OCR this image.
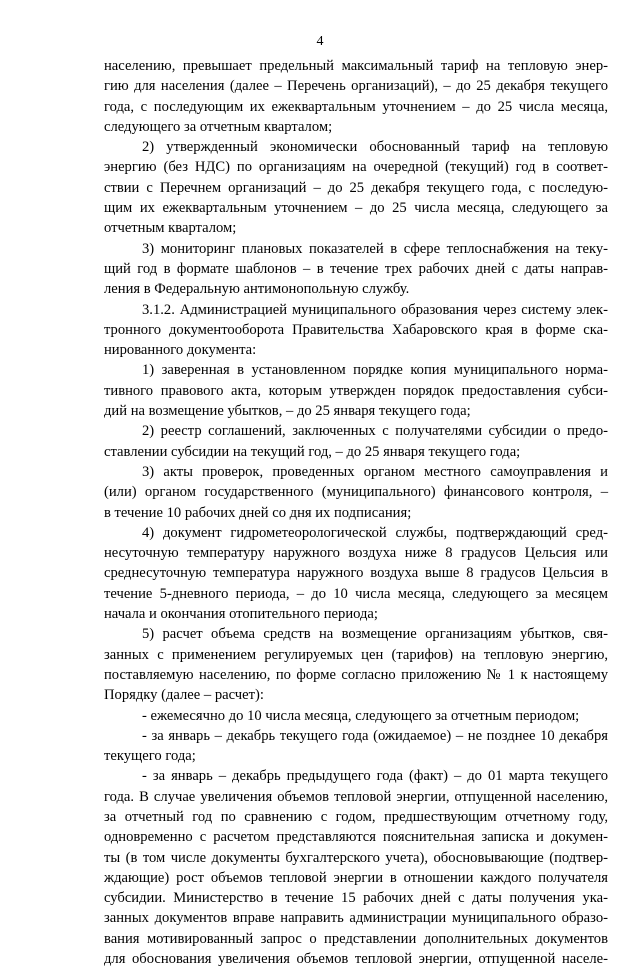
4
населению, превышает предельный максимальный тариф на тепловую энер-
гию для населения (далее – Перечень организаций), – до 25 декабря текущего
года, с последующим их ежеквартальным уточнением – до 25 числа месяца,
следующего за отчетным кварталом;
2) утвержденный экономически обоснованный тариф на тепловую
энергию (без НДС) по организациям на очередной (текущий) год в соответ-
ствии с Перечнем организаций – до 25 декабря текущего года, с последую-
щим их ежеквартальным уточнением – до 25 числа месяца, следующего за
отчетным кварталом;
3) мониторинг плановых показателей в сфере теплоснабжения на теку-
щий год в формате шаблонов – в течение трех рабочих дней с даты направ-
ления в Федеральную антимонопольную службу.
3.1.2. Администрацией муниципального образования через систему элек-
тронного документооборота Правительства Хабаровского края в форме ска-
нированного документа:
1) заверенная в установленном порядке копия муниципального норма-
тивного правового акта, которым утвержден порядок предоставления субси-
дий на возмещение убытков, – до 25 января текущего года;
2) реестр соглашений, заключенных с получателями субсидии о предо-
ставлении субсидии на текущий год, – до 25 января текущего года;
3) акты проверок, проведенных органом местного самоуправления и
(или) органом государственного (муниципального) финансового контроля, –
в течение 10 рабочих дней со дня их подписания;
4) документ гидрометеорологической службы, подтверждающий сред-
несуточную температуру наружного воздуха ниже 8 градусов Цельсия или
среднесуточную температура наружного воздуха выше 8 градусов Цельсия в
течение 5-дневного периода, – до 10 числа месяца, следующего за месяцем
начала и окончания отопительного периода;
5) расчет объема средств на возмещение организациям убытков, свя-
занных с применением регулируемых цен (тарифов) на тепловую энергию,
поставляемую населению, по форме согласно приложению № 1 к настоящему
Порядку (далее – расчет):
- ежемесячно до 10 числа месяца, следующего за отчетным периодом;
- за январь – декабрь текущего года (ожидаемое) – не позднее 10 декабря
текущего года;
- за январь – декабрь предыдущего года (факт) – до 01 марта текущего
года. В случае увеличения объемов тепловой энергии, отпущенной населению,
за отчетный год по сравнению с годом, предшествующим отчетному году,
одновременно с расчетом представляются пояснительная записка и докумен-
ты (в том числе документы бухгалтерского учета), обосновывающие (подтвер-
ждающие) рост объемов тепловой энергии в отношении каждого получателя
субсидии. Министерство в течение 15 рабочих дней с даты получения ука-
занных документов вправе направить администрации муниципального образо-
вания мотивированный запрос о представлении дополнительных документов
для обоснования увеличения объемов тепловой энергии, отпущенной населе-
